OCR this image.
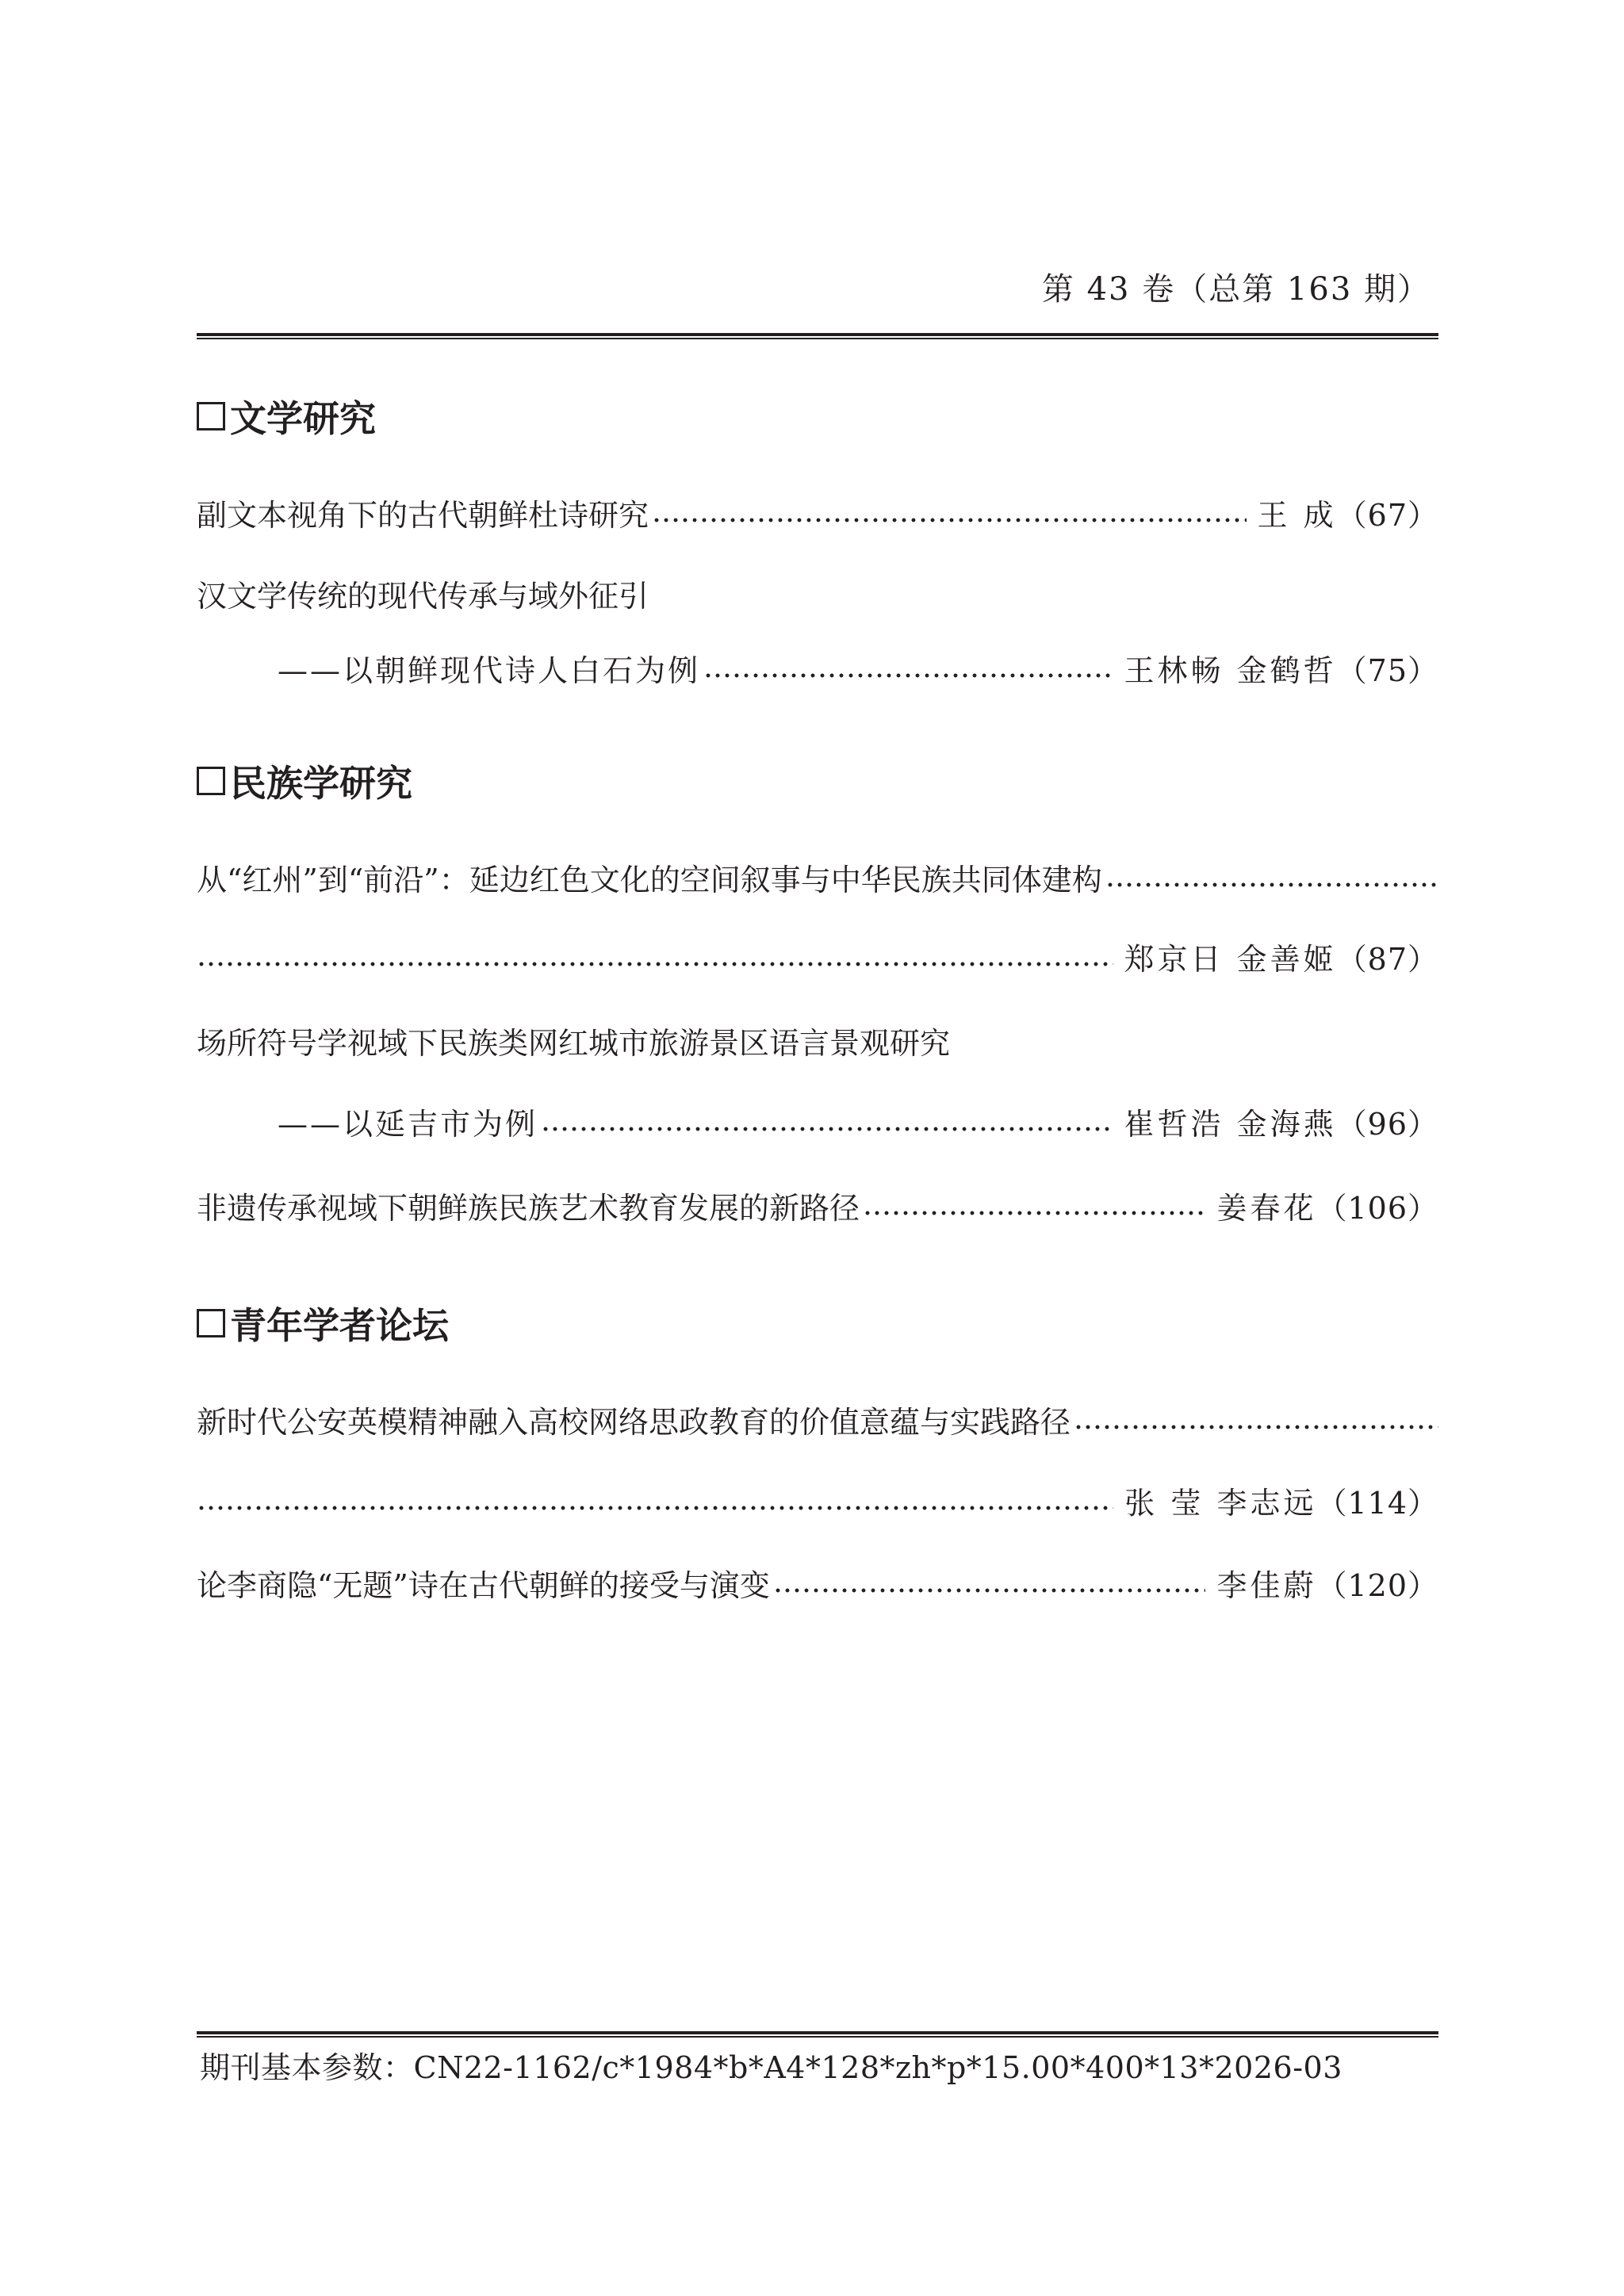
第 43 卷（总第 163 期）
文学研究
副文本视角下的古代朝鲜杜诗研究	王 成 （67）
汉文学传统的现代传承与域外征引
——以朝鲜现代诗人白石为例	王林畅 金鹤哲 （75）
民族学研究
从“红州”到“前沿”：延边红色文化的空间叙事与中华民族共同体建构
郑京日 金善姬 （87）
场所符号学视域下民族类网红城市旅游景区语言景观研究
——以延吉市为例	崔哲浩 金海燕 （96）
非遗传承视域下朝鲜族民族艺术教育发展的新路径	姜春花 （106）
青年学者论坛
新时代公安英模精神融入高校网络思政教育的价值意蕴与实践路径
张 莹 李志远 （114）
论李商隐“无题”诗在古代朝鲜的接受与演变	李佳蔚 （120）
期刊基本参数：CN22-1162/c*1984*b*A4*128*zh*p*15.00*400*13*2026-03
